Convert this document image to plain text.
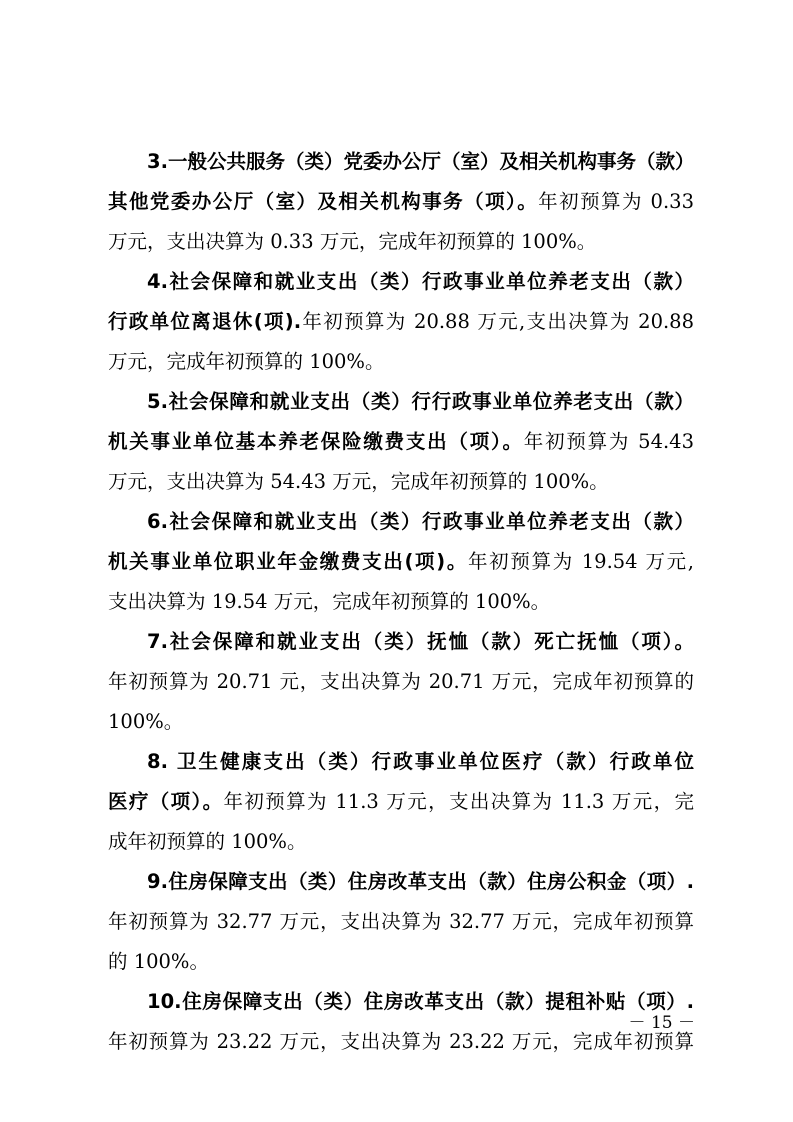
3.一般公共服务（类）党委办公厅（室）及相关机构事务（款）
其他党委办公厅（室）及相关机构事务（项）。年初预算为 0.33
万元，支出决算为 0.33 万元，完成年初预算的 100%。
4.社会保障和就业支出（类）行政事业单位养老支出（款）
行政单位离退休(项).年初预算为 20.88 万元,支出决算为 20.88
万元，完成年初预算的 100%。
5.社会保障和就业支出（类）行行政事业单位养老支出（款）
机关事业单位基本养老保险缴费支出（项）。年初预算为 54.43
万元，支出决算为 54.43 万元，完成年初预算的 100%。
6.社会保障和就业支出（类）行政事业单位养老支出（款）
机关事业单位职业年金缴费支出(项)。年初预算为 19.54 万元,
支出决算为 19.54 万元，完成年初预算的 100%。
7.社会保障和就业支出（类）抚恤（款）死亡抚恤（项）。
年初预算为 20.71 元，支出决算为 20.71 万元，完成年初预算的
100%。
8. 卫生健康支出（类）行政事业单位医疗（款）行政单位
医疗（项）。年初预算为 11.3 万元，支出决算为 11.3 万元，完
成年初预算的 100%。
9.住房保障支出（类）住房改革支出（款）住房公积金（项）.
年初预算为 32.77 万元，支出决算为 32.77 万元，完成年初预算
的 100%。
10.住房保障支出（类）住房改革支出（款）提租补贴（项）.
年初预算为 23.22 万元，支出决算为 23.22 万元，完成年初预算
－ 15 －
